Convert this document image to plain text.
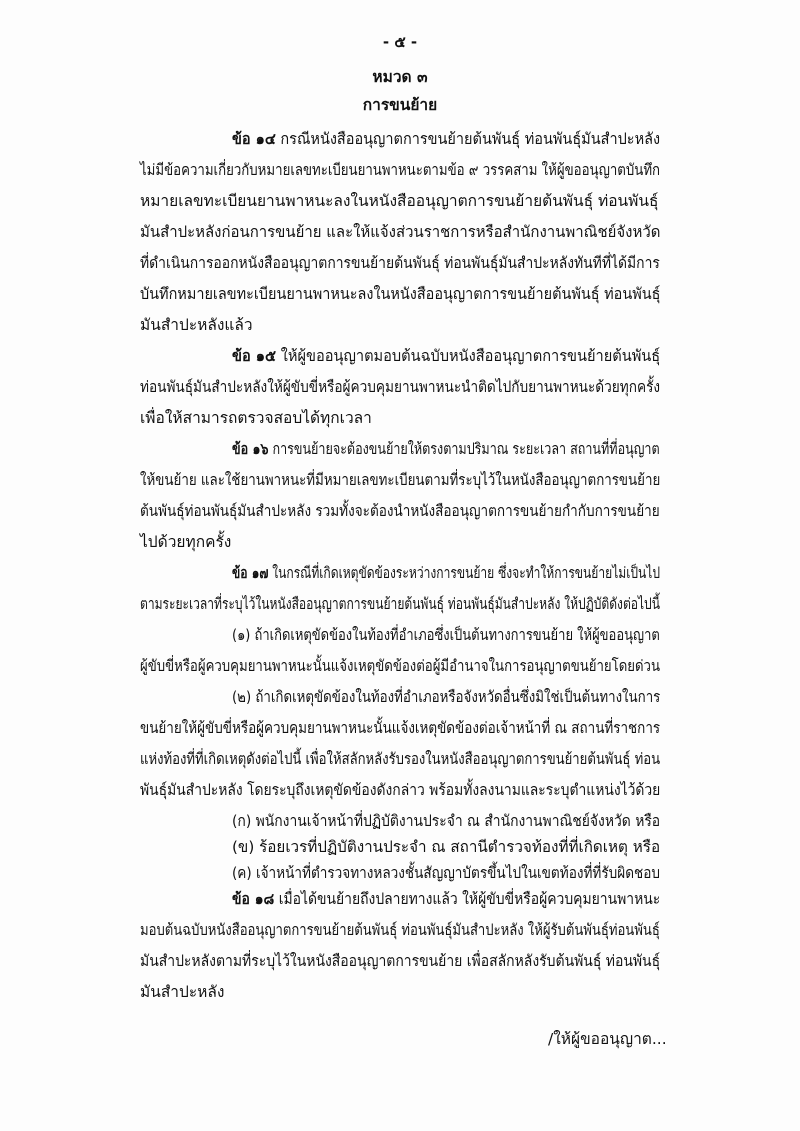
- ๕ -
หมวด ๓
การขนย้าย
ข้อ ๑๔ กรณีหนังสืออนุญาตการขนย้ายต้นพันธุ์ ท่อนพันธุ์มันสำปะหลัง
ไม่มีข้อความเกี่ยวกับหมายเลขทะเบียนยานพาหนะตามข้อ ๙ วรรคสาม ให้ผู้ขออนุญาตบันทึก
หมายเลขทะเบียนยานพาหนะลงในหนังสืออนุญาตการขนย้ายต้นพันธุ์ ท่อนพันธุ์
มันสำปะหลังก่อนการขนย้าย และให้แจ้งส่วนราชการหรือสำนักงานพาณิชย์จังหวัด
ที่ดำเนินการออกหนังสืออนุญาตการขนย้ายต้นพันธุ์ ท่อนพันธุ์มันสำปะหลังทันทีที่ได้มีการ
บันทึกหมายเลขทะเบียนยานพาหนะลงในหนังสืออนุญาตการขนย้ายต้นพันธุ์ ท่อนพันธุ์
มันสำปะหลังแล้ว
ข้อ ๑๕ ให้ผู้ขออนุญาตมอบต้นฉบับหนังสืออนุญาตการขนย้ายต้นพันธุ์
ท่อนพันธุ์มันสำปะหลังให้ผู้ขับขี่หรือผู้ควบคุมยานพาหนะนำติดไปกับยานพาหนะด้วยทุกครั้ง
เพื่อให้สามารถตรวจสอบได้ทุกเวลา
ข้อ ๑๖ การขนย้ายจะต้องขนย้ายให้ตรงตามปริมาณ ระยะเวลา สถานที่ที่อนุญาต
ให้ขนย้าย และใช้ยานพาหนะที่มีหมายเลขทะเบียนตามที่ระบุไว้ในหนังสืออนุญาตการขนย้าย
ต้นพันธุ์ท่อนพันธุ์มันสำปะหลัง รวมทั้งจะต้องนำหนังสืออนุญาตการขนย้ายกำกับการขนย้าย
ไปด้วยทุกครั้ง
ข้อ ๑๗ ในกรณีที่เกิดเหตุขัดข้องระหว่างการขนย้าย ซึ่งจะทำให้การขนย้ายไม่เป็นไป
ตามระยะเวลาที่ระบุไว้ในหนังสืออนุญาตการขนย้ายต้นพันธุ์ ท่อนพันธุ์มันสำปะหลัง ให้ปฏิบัติดังต่อไปนี้
(๑) ถ้าเกิดเหตุขัดข้องในท้องที่อำเภอซึ่งเป็นต้นทางการขนย้าย ให้ผู้ขออนุญาต
ผู้ขับขี่หรือผู้ควบคุมยานพาหนะนั้นแจ้งเหตุขัดข้องต่อผู้มีอำนาจในการอนุญาตขนย้ายโดยด่วน
(๒) ถ้าเกิดเหตุขัดข้องในท้องที่อำเภอหรือจังหวัดอื่นซึ่งมิใช่เป็นต้นทางในการ
ขนย้ายให้ผู้ขับขี่หรือผู้ควบคุมยานพาหนะนั้นแจ้งเหตุขัดข้องต่อเจ้าหน้าที่ ณ สถานที่ราชการ
แห่งท้องที่ที่เกิดเหตุดังต่อไปนี้ เพื่อให้สลักหลังรับรองในหนังสืออนุญาตการขนย้ายต้นพันธุ์ ท่อน
พันธุ์มันสำปะหลัง โดยระบุถึงเหตุขัดข้องดังกล่าว พร้อมทั้งลงนามและระบุตำแหน่งไว้ด้วย
(ก) พนักงานเจ้าหน้าที่ปฏิบัติงานประจำ ณ สำนักงานพาณิชย์จังหวัด หรือ
(ข) ร้อยเวรที่ปฏิบัติงานประจำ ณ สถานีตำรวจท้องที่ที่เกิดเหตุ หรือ
(ค) เจ้าหน้าที่ตำรวจทางหลวงชั้นสัญญาบัตรขึ้นไปในเขตท้องที่ที่รับผิดชอบ
ข้อ ๑๘ เมื่อได้ขนย้ายถึงปลายทางแล้ว ให้ผู้ขับขี่หรือผู้ควบคุมยานพาหนะ
มอบต้นฉบับหนังสืออนุญาตการขนย้ายต้นพันธุ์ ท่อนพันธุ์มันสำปะหลัง ให้ผู้รับต้นพันธุ์ท่อนพันธุ์
มันสำปะหลังตามที่ระบุไว้ในหนังสืออนุญาตการขนย้าย เพื่อสลักหลังรับต้นพันธุ์ ท่อนพันธุ์
มันสำปะหลัง
/ให้ผู้ขออนุญาต...
